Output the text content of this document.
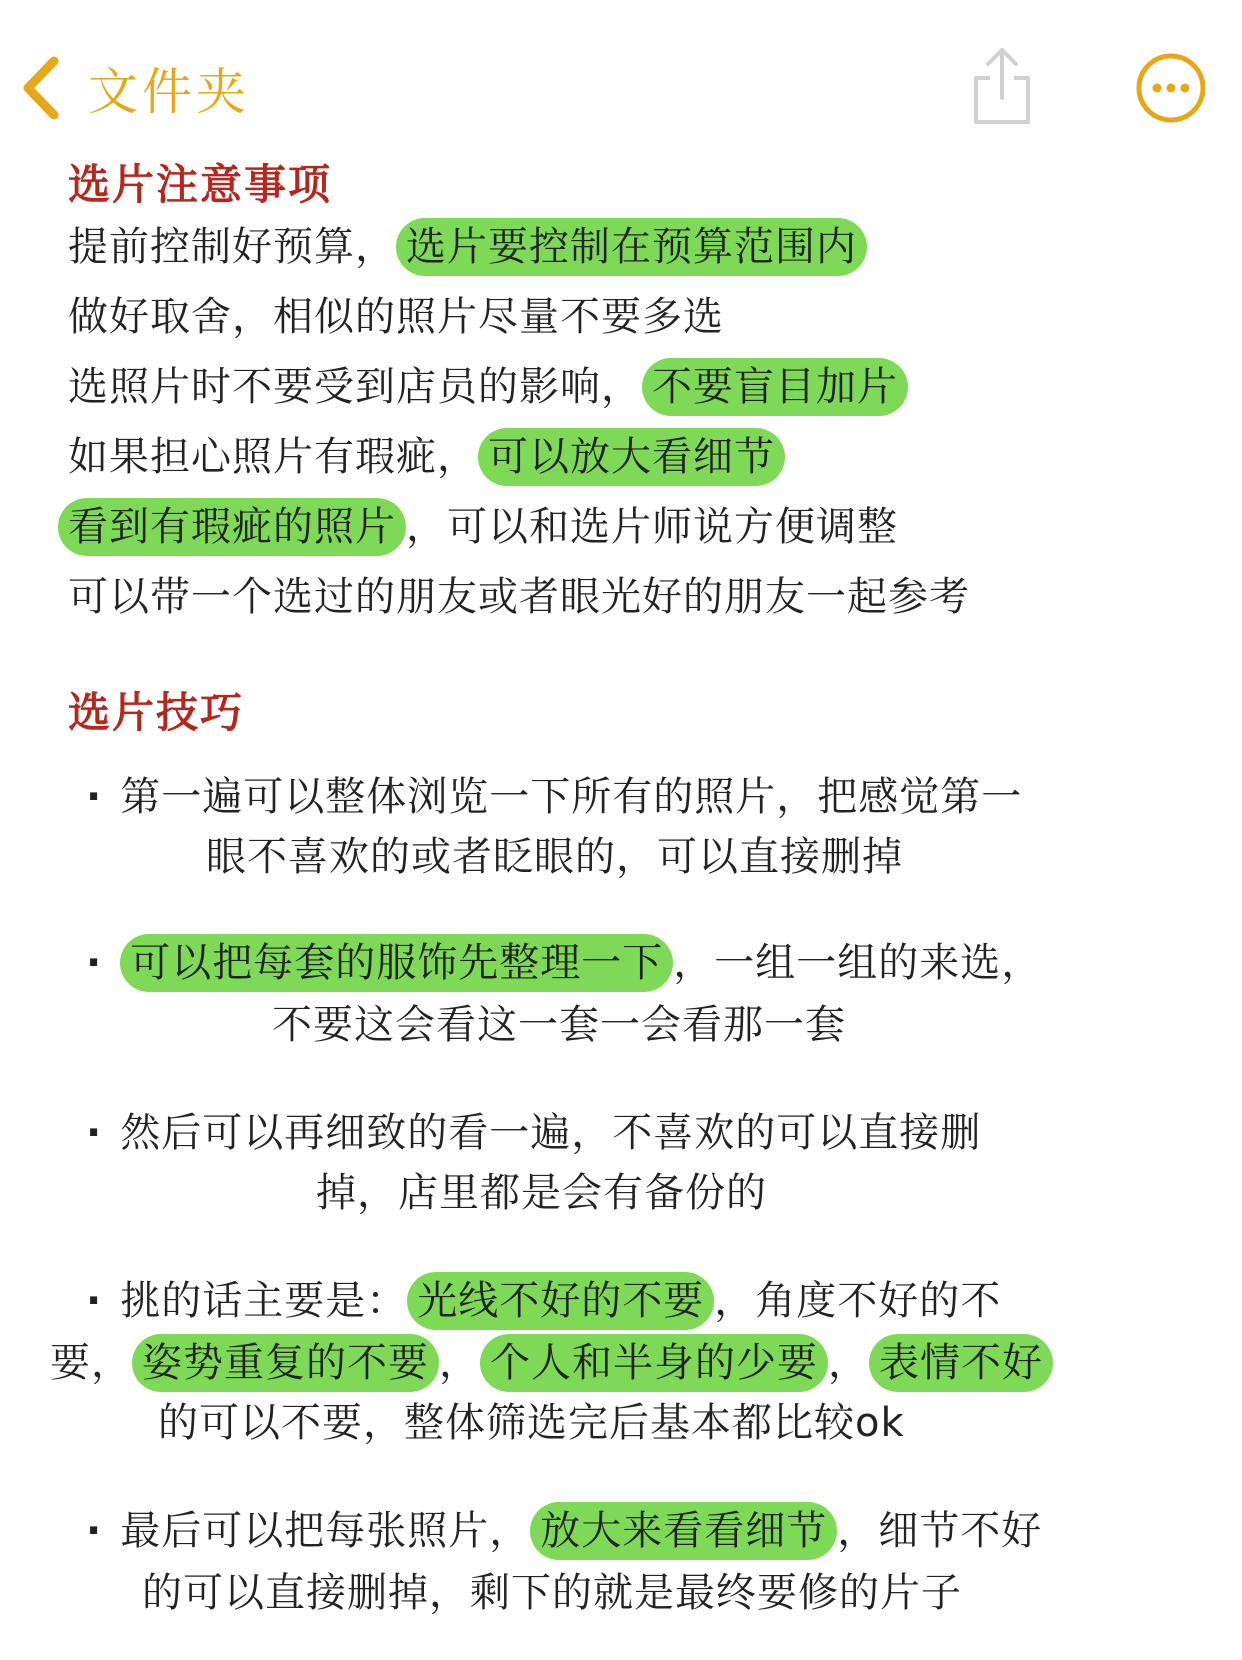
文件夹
选片注意事项
提前控制好预算， 选片要控制在预算范围内
做好取舍，相似的照片尽量不要多选
选照片时不要受到店员的影响， 不要盲目加片
如果担心照片有瑕疵， 可以放大看细节
看到有瑕疵的照片 ，可以和选片师说方便调整
可以带一个选过的朋友或者眼光好的朋友一起参考
选片技巧
· 第一遍可以整体浏览一下所有的照片，把感觉第一
眼不喜欢的或者眨眼的，可以直接删掉
· 可以把每套的服饰先整理一下 ，一组一组的来选，
不要这会看这一套一会看那一套
· 然后可以再细致的看一遍，不喜欢的可以直接删
掉，店里都是会有备份的
· 挑的话主要是： 光线不好的不要 ，角度不好的不
要， 姿势重复的不要 ， 个人和半身的少要 ， 表情不好
的可以不要，整体筛选完后基本都比较ok
· 最后可以把每张照片， 放大来看看细节 ，细节不好
的可以直接删掉，剩下的就是最终要修的片子
